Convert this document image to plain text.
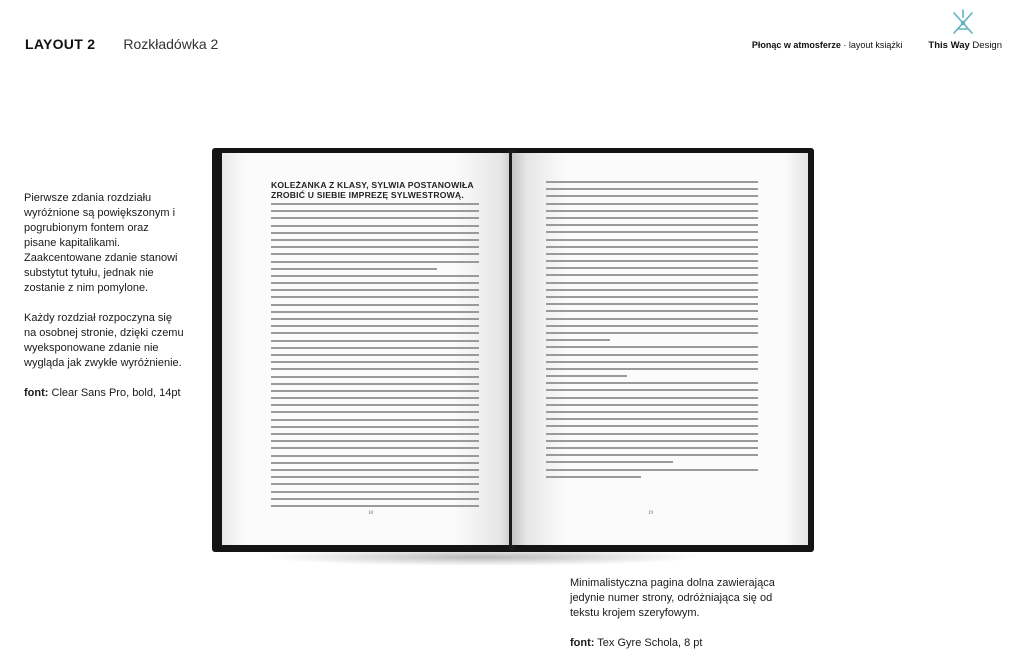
LAYOUT 2 Rozkładówka 2	Płonąc w atmosferze · layout książki	This Way Design

Pierwsze zdania rozdziału wyróżnione są powiększonym i pogrubionym fontem oraz pisane kapitalikami. Zaakcentowane zdanie stanowi substytut tytułu, jednak nie zostanie z nim pomylone.

Każdy rozdział rozpoczyna się na osobnej stronie, dzięki czemu wyeksponowane zdanie nie wygląda jak zwykłe wyróżnienie.

font: Clear Sans Pro, bold, 14pt

KOLEŻANKA Z KLASY, SYLWIA POSTANOWIŁA ZROBIĆ U SIEBIE IMPREZĘ SYLWESTROWĄ.
18	19

Minimalistyczna pagina dolna zawierająca jedynie numer strony, odróżniająca się od tekstu krojem szeryfowym.

font: Tex Gyre Schola, 8 pt
